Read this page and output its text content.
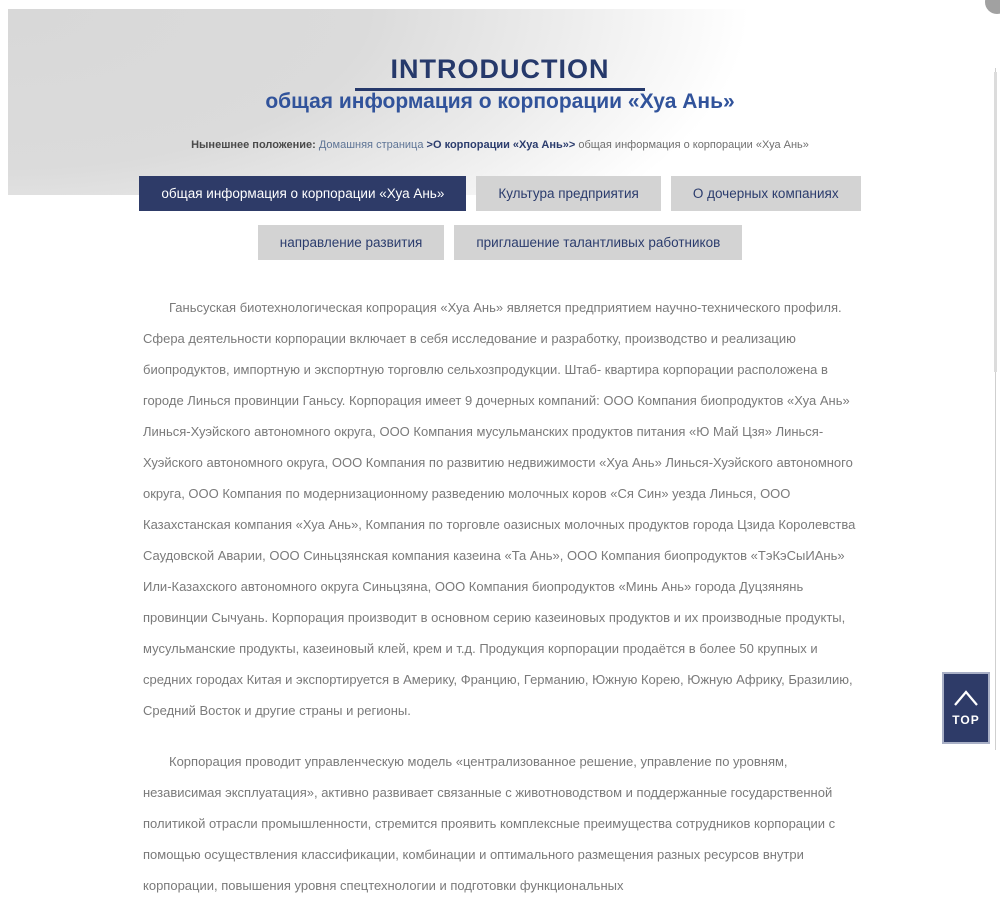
INTRODUCTION
общая информация о корпорации «Хуа Ань»
Нынешнее положение: Домашняя страница >О корпорации «Хуа Ань»> общая информация о корпорации «Хуа Ань»
общая информация о корпорации «Хуа Ань»	Культура предприятия	О дочерных компаниях
направление развития	приглашение талантливых работников

Ганьсуская биотехнологическая копрорация «Хуа Ань» является предприятием научно-технического профиля. Сфера деятельности корпорации включает в себя исследование и разработку, производство и реализацию биопродуктов, импортную и экспортную торговлю сельхозпродукции. Штаб- квартира корпорации расположена в городе Линься провинции Ганьсу. Корпорация имеет 9 дочерных компаний: ООО Компания биопродуктов «Хуа Ань» Линься-Хуэйского автономного округа, ООО Компания мусульманских продуктов питания «Ю Май Цзя» Линься-Хуэйского автономного округа, ООО Компания по развитию недвижимости «Хуа Ань» Линься-Хуэйского автономного округа, ООО Компания по модернизационному разведению молочных коров «Ся Син» уезда Линься, ООО Казахстанская компания «Хуа Ань», Компания по торговле оазисных молочных продуктов города Цзида Королевства Саудовской Аварии, ООО Синьцзянская компания казеина «Та Ань», ООО Компания биопродуктов «ТэКэСыИАнь» Или-Казахского автономного округа Синьцзяна, ООО Компания биопродуктов «Минь Ань» города Дуцзянянь провинции Сычуань. Корпорация производит в основном серию казеиновых продуктов и их производные продукты, мусульманские продукты, казеиновый клей, крем и т.д. Продукция корпорации продаётся в более 50 крупных и средних городах Китая и экспортируется в Америку, Францию, Германию, Южную Корею, Южную Африку, Бразилию, Средний Восток и другие страны и регионы.

Корпорация проводит управленческую модель «централизованное решение, управление по уровням, независимая эксплуатация», активно развивает связанные с животноводством и поддержанные государственной политикой отрасли промышленности, стремится проявить комплексные преимущества сотрудников корпорации с помощью осуществления классификации, комбинации и оптимального размещения разных ресурсов внутри корпорации, повышения уровня спецтехнологии и подготовки функциональных

TOP
